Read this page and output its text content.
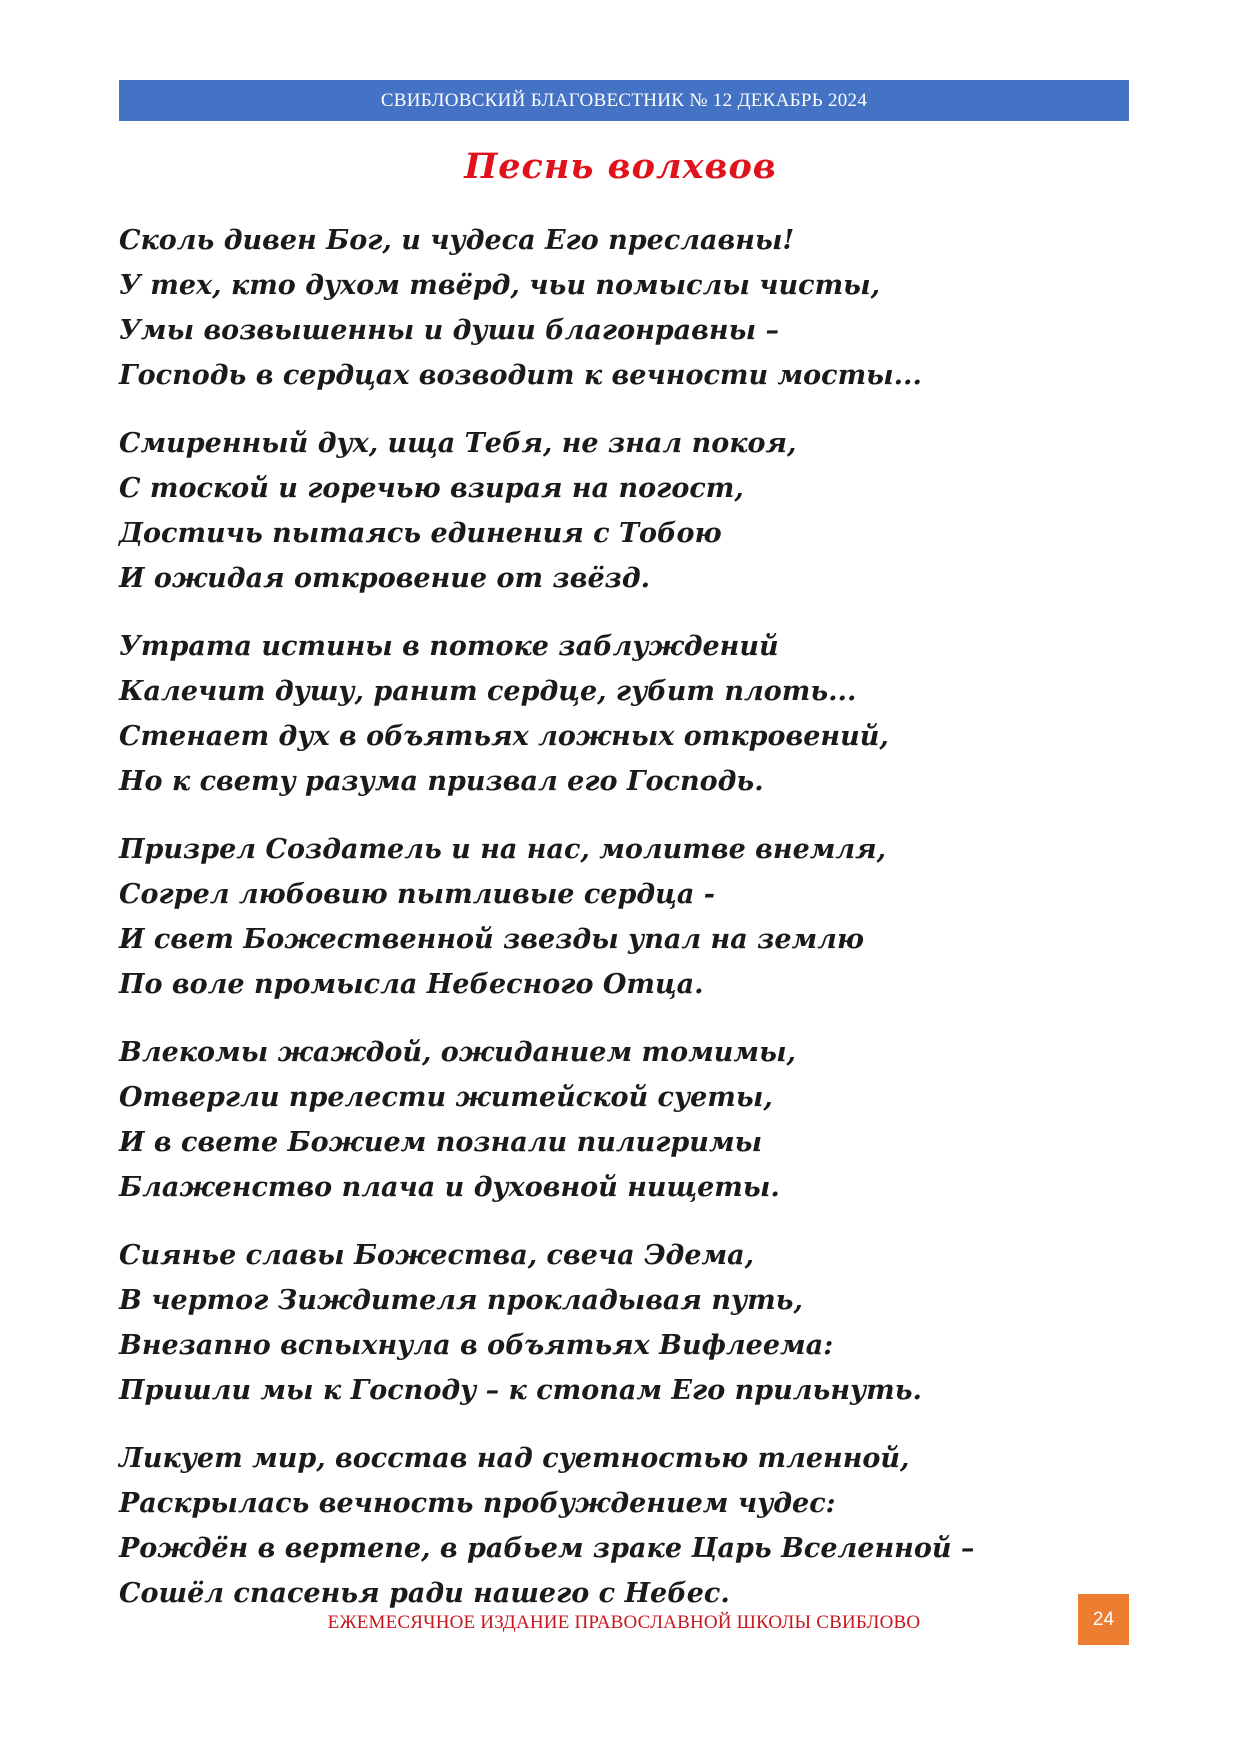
СВИБЛОВСКИЙ БЛАГОВЕСТНИК № 12 ДЕКАБРЬ 2024
Песнь волхвов
Сколь дивен Бог, и чудеса Его преславны!
У тех, кто духом твёрд, чьи помыслы чисты,
Умы возвышенны и души благонравны –
Господь в сердцах возводит к вечности мосты...
Смиренный дух, ища Тебя, не знал покоя,
С тоской и горечью взирая на погост,
Достичь пытаясь единения с Тобою
И ожидая откровение от звёзд.
Утрата истины в потоке заблуждений
Калечит душу, ранит сердце, губит плоть...
Стенает дух в объятьях ложных откровений,
Но к свету разума призвал его Господь.
Призрел Создатель и на нас, молитве внемля,
Согрел любовию пытливые сердца -
И свет Божественной звезды упал на землю
По воле промысла Небесного Отца.
Влекомы жаждой, ожиданием томимы,
Отвергли прелести житейской суеты,
И в свете Божием познали пилигримы
Блаженство плача и духовной нищеты.
Сиянье славы Божества, свеча Эдема,
В чертог Зиждителя прокладывая путь,
Внезапно вспыхнула в объятьях Вифлеема:
Пришли мы к Господу – к стопам Его прильнуть.
Ликует мир, восстав над суетностью тленной,
Раскрылась вечность пробуждением чудес:
Рождён в вертепе, в рабьем зраке Царь Вселенной –
Сошёл спасенья ради нашего с Небес.
ЕЖЕМЕСЯЧНОЕ ИЗДАНИЕ ПРАВОСЛАВНОЙ ШКОЛЫ СВИБЛОВО	24
